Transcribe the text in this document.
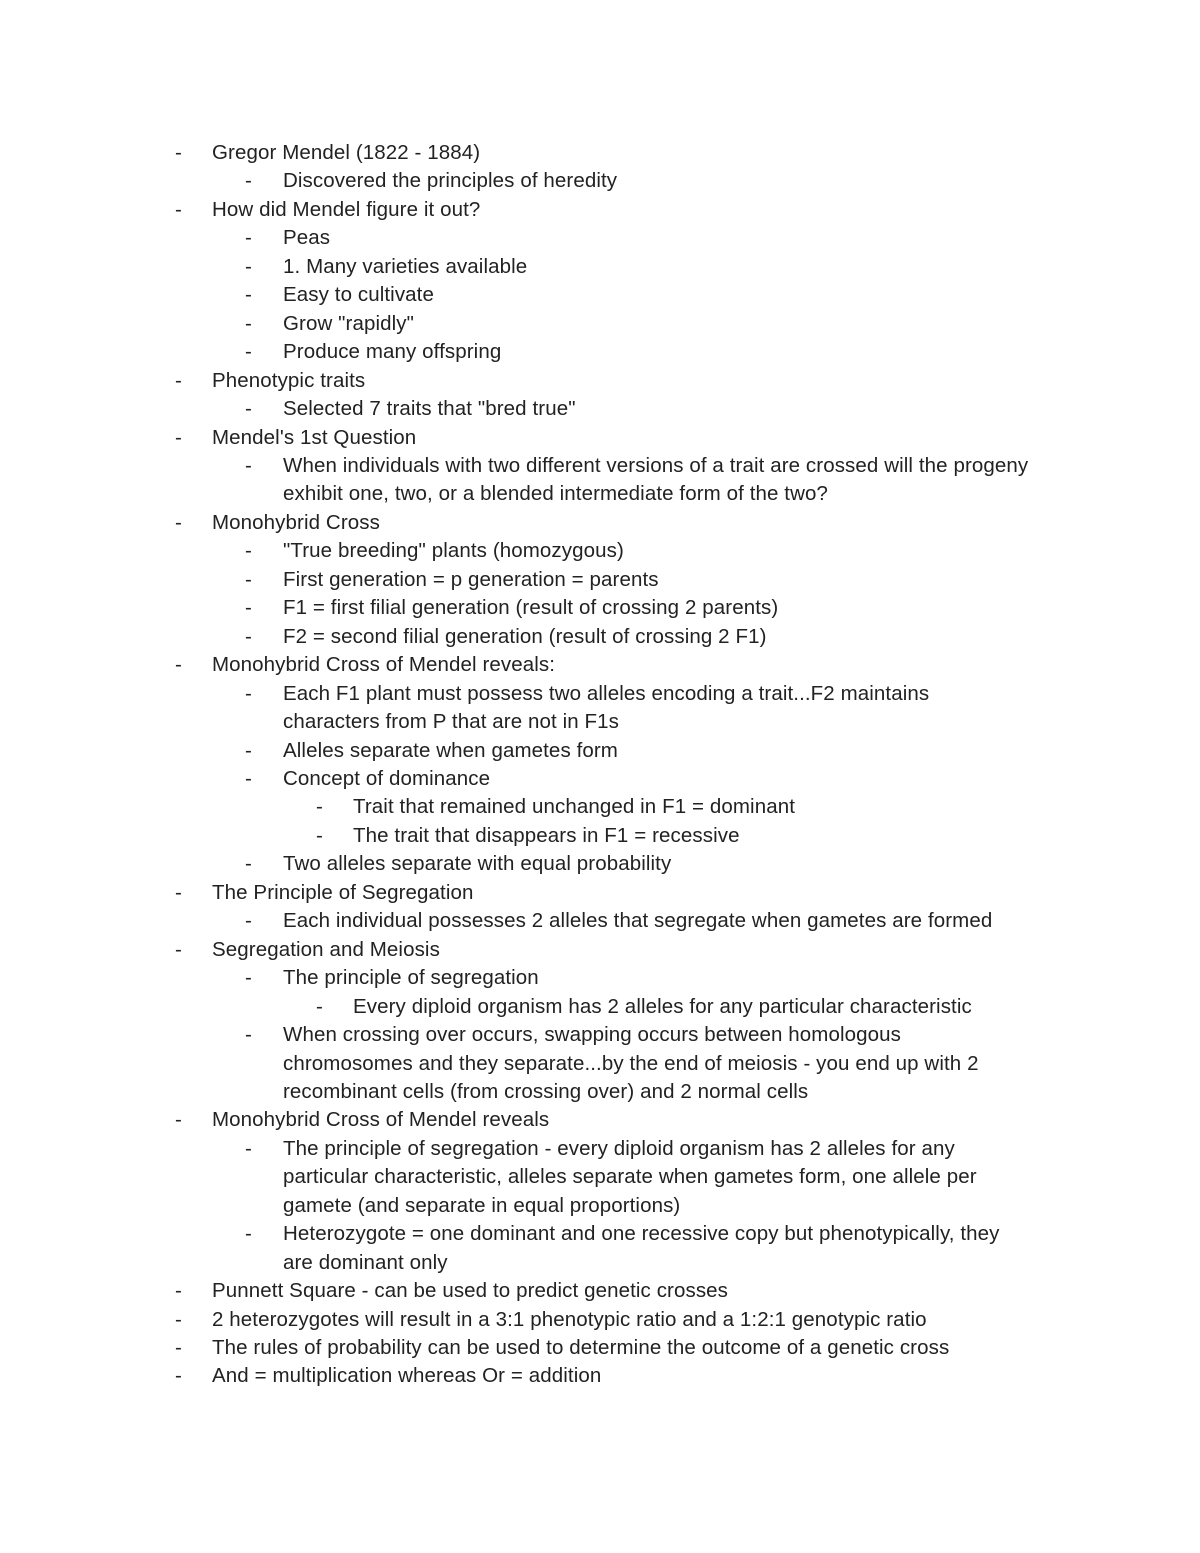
- Gregor Mendel (1822 - 1884)
- Discovered the principles of heredity
- How did Mendel figure it out?
- Peas
- 1. Many varieties available
- Easy to cultivate
- Grow "rapidly"
- Produce many offspring
- Phenotypic traits
- Selected 7 traits that "bred true"
- Mendel's 1st Question
- When individuals with two different versions of a trait are crossed will the progeny
exhibit one, two, or a blended intermediate form of the two?
- Monohybrid Cross
- "True breeding" plants (homozygous)
- First generation = p generation = parents
- F1 = first filial generation (result of crossing 2 parents)
- F2 = second filial generation (result of crossing 2 F1)
- Monohybrid Cross of Mendel reveals:
- Each F1 plant must possess two alleles encoding a trait...F2 maintains
characters from P that are not in F1s
- Alleles separate when gametes form
- Concept of dominance
- Trait that remained unchanged in F1 = dominant
- The trait that disappears in F1 = recessive
- Two alleles separate with equal probability
- The Principle of Segregation
- Each individual possesses 2 alleles that segregate when gametes are formed
- Segregation and Meiosis
- The principle of segregation
- Every diploid organism has 2 alleles for any particular characteristic
- When crossing over occurs, swapping occurs between homologous
chromosomes and they separate...by the end of meiosis - you end up with 2
recombinant cells (from crossing over) and 2 normal cells
- Monohybrid Cross of Mendel reveals
- The principle of segregation - every diploid organism has 2 alleles for any
particular characteristic, alleles separate when gametes form, one allele per
gamete (and separate in equal proportions)
- Heterozygote = one dominant and one recessive copy but phenotypically, they
are dominant only
- Punnett Square - can be used to predict genetic crosses
- 2 heterozygotes will result in a 3:1 phenotypic ratio and a 1:2:1 genotypic ratio
- The rules of probability can be used to determine the outcome of a genetic cross
- And = multiplication whereas Or = addition
